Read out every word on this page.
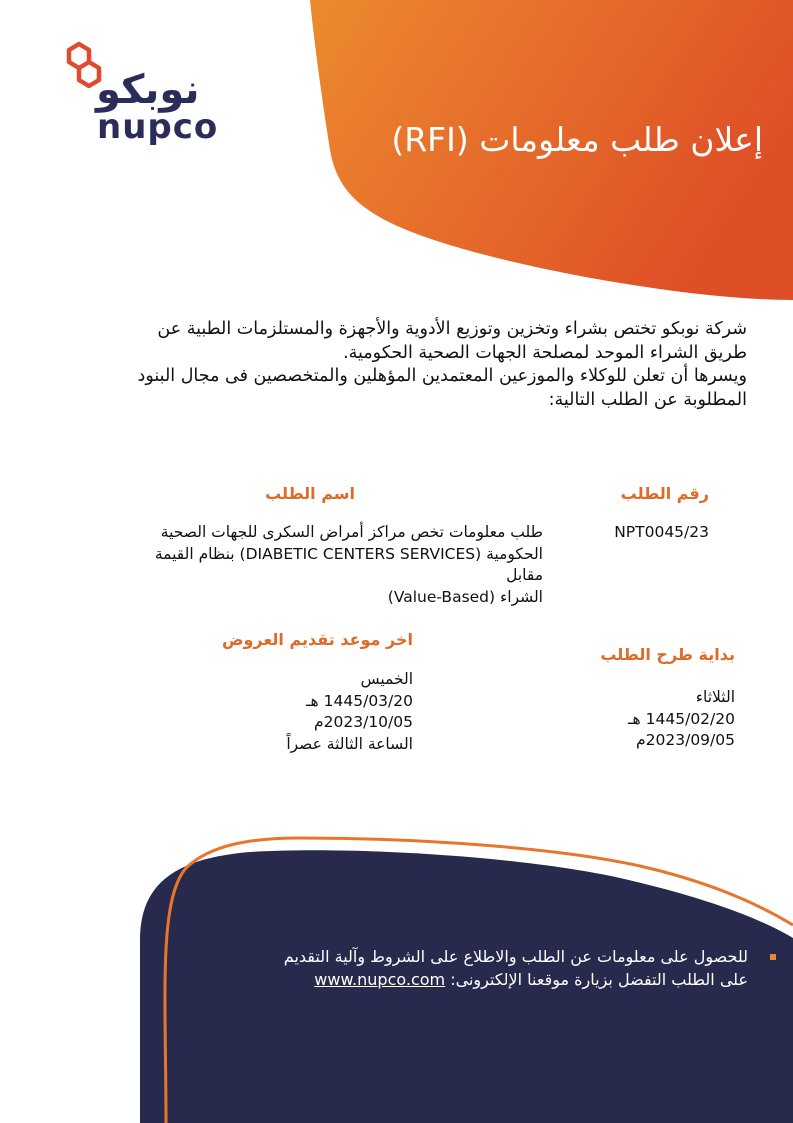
نوبكو
nupco	إعلان طلب معلومات (RFI)

شركة نوبكو تختص بشراء وتخزين وتوزيع الأدوية والأجهزة والمستلزمات الطبية عن

طريق الشراء الموحد لمصلحة الجهات الصحية الحكومية.

ويسرها أن تعلن للوكلاء والموزعين المعتمدين المؤهلين والمتخصصين فى مجال البنود

المطلوبة عن الطلب التالية:

رقم الطلب
NPT0045/23
اسم الطلب

طلب معلومات تخص مراكز أمراض السكرى للجهات الصحية

الحكومية (DIABETIC CENTERS SERVICES) بنظام القيمة مقابل

الشراء (Value-Based)

بداية طرح الطلب

الثلاثاء

1445/02/20 هـ

2023/09/05م

اخر موعد تقديم العروض

الخميس

1445/03/20 هـ

2023/10/05م

الساعة الثالثة عصراً

للحصول على معلومات عن الطلب والاطلاع على الشروط وآلية التقديم
على الطلب التفضل بزيارة موقعنا الإلكترونى: www.nupco.com
